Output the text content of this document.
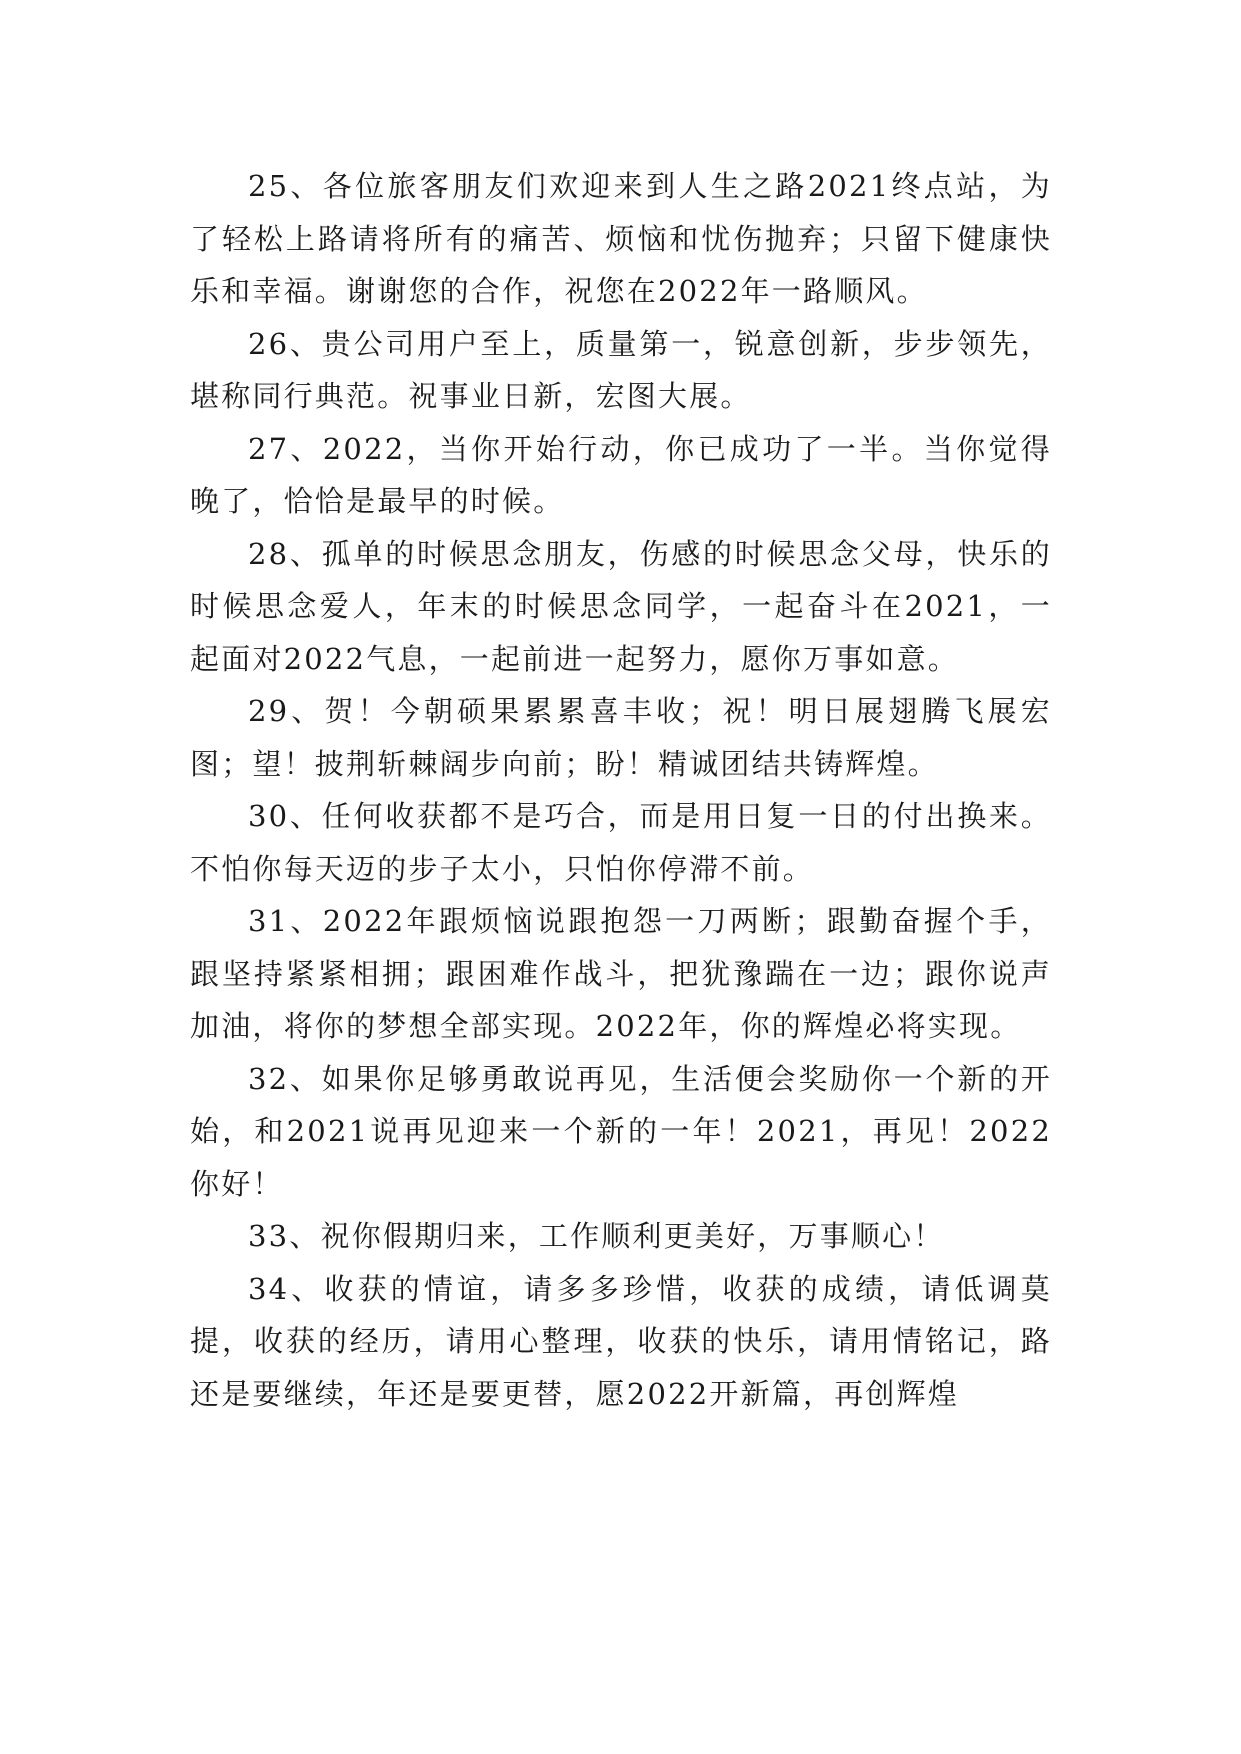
25、各位旅客朋友们欢迎来到人生之路2021终点站，为了轻松上路请将所有的痛苦、烦恼和忧伤抛弃；只留下健康快乐和幸福。谢谢您的合作，祝您在2022年一路顺风。

26、贵公司用户至上，质量第一，锐意创新，步步领先，堪称同行典范。祝事业日新，宏图大展。

27、2022，当你开始行动，你已成功了一半。当你觉得晚了，恰恰是最早的时候。

28、孤单的时候思念朋友，伤感的时候思念父母，快乐的时候思念爱人，年末的时候思念同学，一起奋斗在2021，一起面对2022气息，一起前进一起努力，愿你万事如意。

29、贺！今朝硕果累累喜丰收；祝！明日展翅腾飞展宏图；望！披荆斩棘阔步向前；盼！精诚团结共铸辉煌。

30、任何收获都不是巧合，而是用日复一日的付出换来。不怕你每天迈的步子太小，只怕你停滞不前。

31、2022年跟烦恼说跟抱怨一刀两断；跟勤奋握个手，跟坚持紧紧相拥；跟困难作战斗，把犹豫踹在一边；跟你说声加油，将你的梦想全部实现。2022年，你的辉煌必将实现。

32、如果你足够勇敢说再见，生活便会奖励你一个新的开始，和2021说再见迎来一个新的一年！2021，再见！2022你好！

33、祝你假期归来，工作顺利更美好，万事顺心！

34、收获的情谊，请多多珍惜，收获的成绩，请低调莫提，收获的经历，请用心整理，收获的快乐，请用情铭记，路还是要继续，年还是要更替，愿2022开新篇，再创辉煌
